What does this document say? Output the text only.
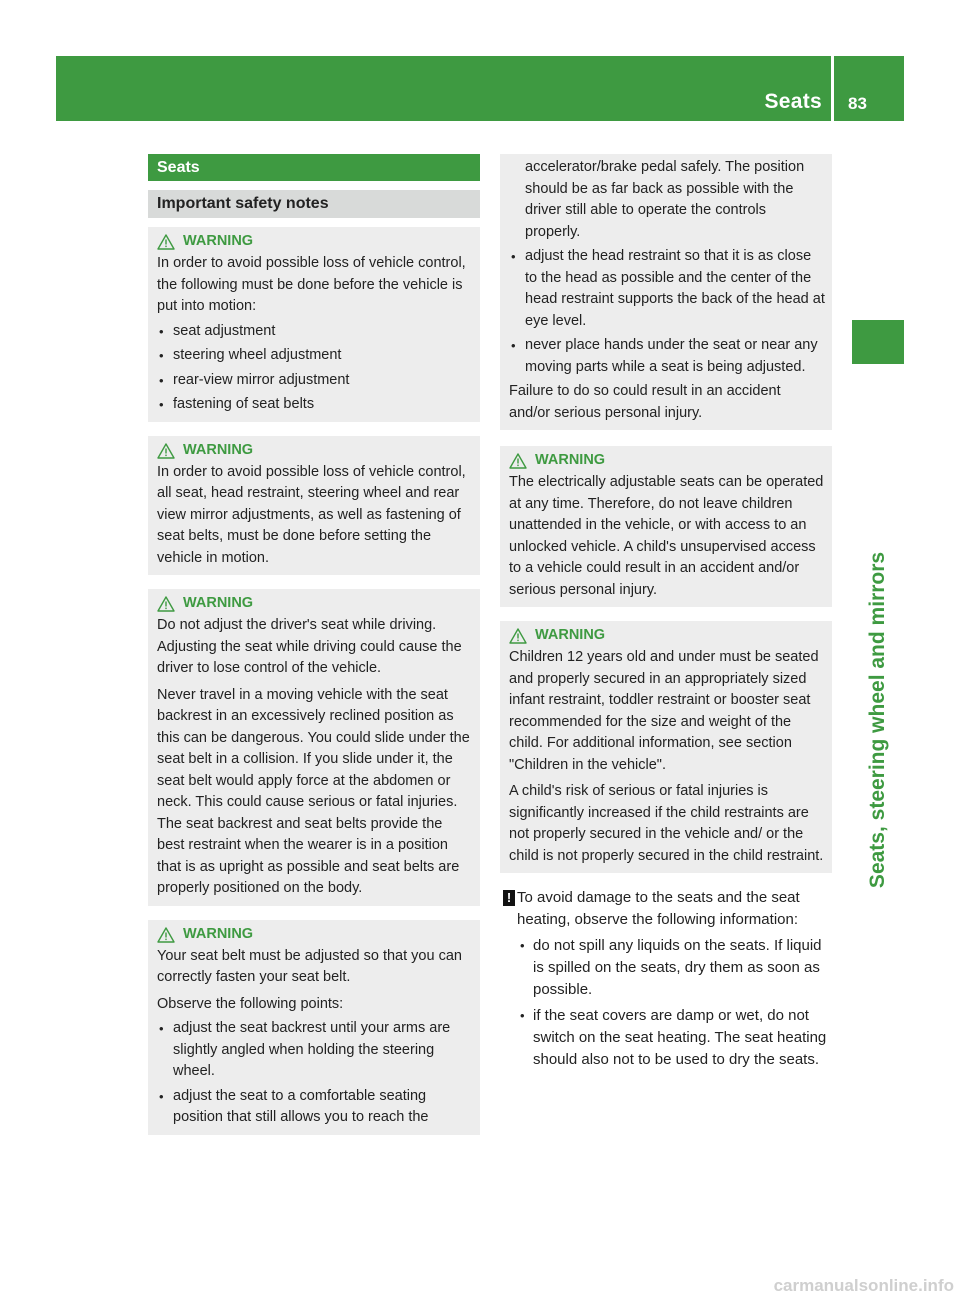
Seats 83
Seats, steering wheel and mirrors
Seats
Important safety notes
WARNING

In order to avoid possible loss of vehicle control, the following must be done before the vehicle is put into motion:

• seat adjustment
• steering wheel adjustment
• rear-view mirror adjustment
• fastening of seat belts
WARNING

In order to avoid possible loss of vehicle control, all seat, head restraint, steering wheel and rear view mirror adjustments, as well as fastening of seat belts, must be done before setting the vehicle in motion.

WARNING

Do not adjust the driver's seat while driving. Adjusting the seat while driving could cause the driver to lose control of the vehicle.

Never travel in a moving vehicle with the seat backrest in an excessively reclined position as this can be dangerous. You could slide under the seat belt in a collision. If you slide under it, the seat belt would apply force at the abdomen or neck. This could cause serious or fatal injuries. The seat backrest and seat belts provide the best restraint when the wearer is in a position that is as upright as possible and seat belts are properly positioned on the body.

WARNING

Your seat belt must be adjusted so that you can correctly fasten your seat belt.

Observe the following points:

• adjust the seat backrest until your arms are slightly angled when holding the steering wheel.
• adjust the seat to a comfortable seating position that still allows you to reach the

accelerator/brake pedal safely. The position should be as far back as possible with the driver still able to operate the controls properly.

• adjust the head restraint so that it is as close to the head as possible and the center of the head restraint supports the back of the head at eye level.
• never place hands under the seat or near any moving parts while a seat is being adjusted.

Failure to do so could result in an accident and/or serious personal injury.

WARNING

The electrically adjustable seats can be operated at any time. Therefore, do not leave children unattended in the vehicle, or with access to an unlocked vehicle. A child's unsupervised access to a vehicle could result in an accident and/or serious personal injury.

WARNING

Children 12 years old and under must be seated and properly secured in an appropriately sized infant restraint, toddler restraint or booster seat recommended for the size and weight of the child. For additional information, see section "Children in the vehicle".

A child's risk of serious or fatal injuries is significantly increased if the child restraints are not properly secured in the vehicle and/ or the child is not properly secured in the child restraint.

! To avoid damage to the seats and the seat heating, observe the following information:
• do not spill any liquids on the seats. If liquid is spilled on the seats, dry them as soon as possible.
• if the seat covers are damp or wet, do not switch on the seat heating. The seat heating should also not to be used to dry the seats.
carmanualsonline.info
